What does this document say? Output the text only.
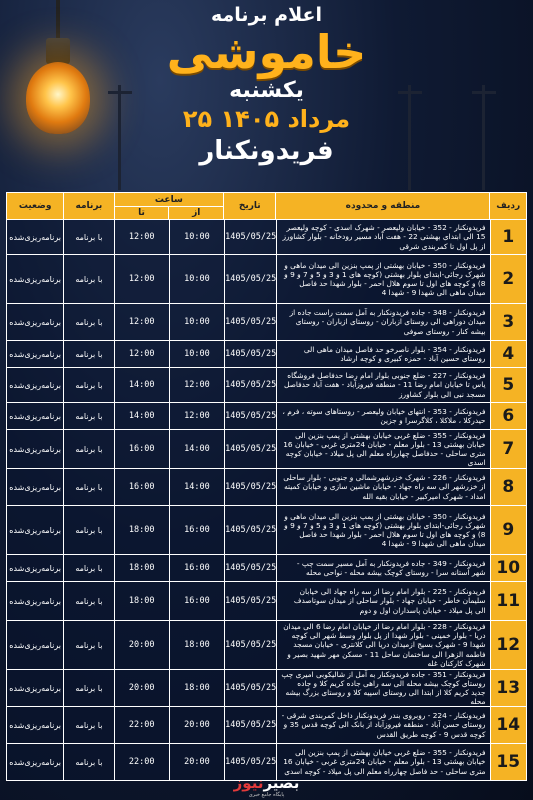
اعلام برنامه
خاموشی
یکشنبه
۲۵ مرداد ۱۴۰۵
فریدونکنار
ردیف
منطقه و محدوده
تاریخ
ساعت
از
تا
برنامه
وضعیت
1
فریدونکنار - 352 - خیابان ولیعصر - شهرک اسدی - کوچه ولیعصر 15 الی ابتدای بهشتی 22 - هفت آباد مسیر رودخانه - بلوار کشاورز از پل اول تا کمربندی شرقی
1405/05/25
10:00
12:00
با برنامه
برنامه‌ریزی‌شده
2
فریدونکنار - 350 - خیابان بهشتی از پمپ بنزین الی میدان ماهی و شهرک رجائی-ابتدای بلوار بهشتی (کوچه های 1 و 3 و 5 و 7 و 9 و 8) و کوچه های اول تا سوم هلال احمر - بلوار شهدا حد فاصل میدان ماهی الی شهدا 9 - شهدا 4
1405/05/25
10:00
12:00
با برنامه
برنامه‌ریزی‌شده
3
فریدونکنار - 348 - جاده فریدونکنار به آمل سمت راست جاده از میدان دوراهی الی روستای ازباران - روستای ازباران - روستای بیشه کنار - روستای صوفی
1405/05/25
10:00
12:00
با برنامه
برنامه‌ریزی‌شده
4
فریدونکنار - 354 - بلوار ناصرخو حد فاصل میدان ماهی الی روستای حسین آباد - حمزه کبیری و کوچه ارشاد
1405/05/25
10:00
12:00
با برنامه
برنامه‌ریزی‌شده
5
فریدونکنار - 227 - ضلع جنوبی بلوار امام رضا حدفاصل فروشگاه یاس تا خیابان امام رضا 11 - منطقه فیروزآباد - هفت آباد حدفاصل مسجد نبی الی بلوار کشاورز
1405/05/25
12:00
14:00
با برنامه
برنامه‌ریزی‌شده
6
فریدونکنار - 353 - انتهای خیابان ولیعصر - روستاهای سوته ، فرم ، حیدرکلا ، ملاکلا ، کلاگرسرا و جزین
1405/05/25
12:00
14:00
با برنامه
برنامه‌ریزی‌شده
7
فریدونکنار - 355 - ضلع غربی خیابان بهشتی از پمپ بنزین الی خیابان بهشتی 13 - بلوار معلم - خیابان 24متری غربی - خیابان 16 متری ساحلی - حدفاصل چهارراه معلم الی پل میلاد - خیابان کوچه اسدی
1405/05/25
14:00
16:00
با برنامه
برنامه‌ریزی‌شده
8
فریدونکنار - 226 - شهرک خزرشهرشمالی و جنوبی - بلوار ساحلی از خزرشهر الی سه راه جهاد - خیابان ماشین سازی و خیابان کمیته امداد - شهرک امیرکبیر - خیابان بقیه الله
1405/05/25
14:00
16:00
با برنامه
برنامه‌ریزی‌شده
9
فریدونکنار - 350 - خیابان بهشتی از پمپ بنزین الی میدان ماهی و شهرک رجائی-ابتدای بلوار بهشتی (کوچه های 1 و 3 و 5 و 7 و 9 و 8) و کوچه های اول تا سوم هلال احمر - بلوار شهدا حد فاصل میدان ماهی الی شهدا 9 - شهدا 4
1405/05/25
16:00
18:00
با برنامه
برنامه‌ریزی‌شده
10
فریدونکنار - 349 - جاده فریدونکنار به آمل مسیر سمت چپ - شهر آستانه سرا - روستای کوچک بیشه محله - نواحی محله
1405/05/25
16:00
18:00
با برنامه
برنامه‌ریزی‌شده
11
فریدونکنار - 225 - بلوار امام رضا از سه راه جهاد الی خیابان سلیمان خاطر - خیابان جهاد - بلوار ساحلی از میدان سوتاصدف الی پل میلاد - خیابان پاسداران اول و دوم
1405/05/25
16:00
18:00
با برنامه
برنامه‌ریزی‌شده
12
فریدونکنار - 228 - بلوار امام رضا از خیابان امام رضا 6 الی میدان دریا - بلوار خمینی - بلوار شهدا از پل بلوار وسط شهر الی کوچه شهدا 9 - شهرک بسیج ازمیدان دریا الی کلانتری - خیابان مسجد فاطمه الزهرا الی ساختمان ساحل 11 - مسکن مهر شهید بصیر و شهرک کارکنان غله
1405/05/25
18:00
20:00
با برنامه
برنامه‌ریزی‌شده
13
فریدونکنار - 351 - جاده فریدونکنار به آمل از شالیکوبی امیری چپ روستای کوچک بیشه محله الی سه راهی جاده کریم کلا و جاده جدید کریم کلا از ابتدا الی روستای اسپیه کلا و روستای بزرگ بیشه محله
1405/05/25
18:00
20:00
با برنامه
برنامه‌ریزی‌شده
14
فریدونکنار - 224 - روبروی بندر فریدونکنار داخل کمربندی شرقی - روستای حسن آباد - منطقه فیروزآباد از بانک الی کوچه قدس 35 و کوچه قدس 9 - کوچه طریق القدس
1405/05/25
20:00
22:00
با برنامه
برنامه‌ریزی‌شده
15
فریدونکنار - 355 - ضلع غربی خیابان بهشتی از پمپ بنزین الی خیابان بهشتی 13 - بلوار معلم - خیابان 24متری غربی - خیابان 16 متری ساحلی - حد فاصل چهارراه معلم الی پل میلاد - کوچه اسدی
1405/05/25
20:00
22:00
با برنامه
برنامه‌ریزی‌شده
بصیرنیوز
پایگاه جامع خبری
